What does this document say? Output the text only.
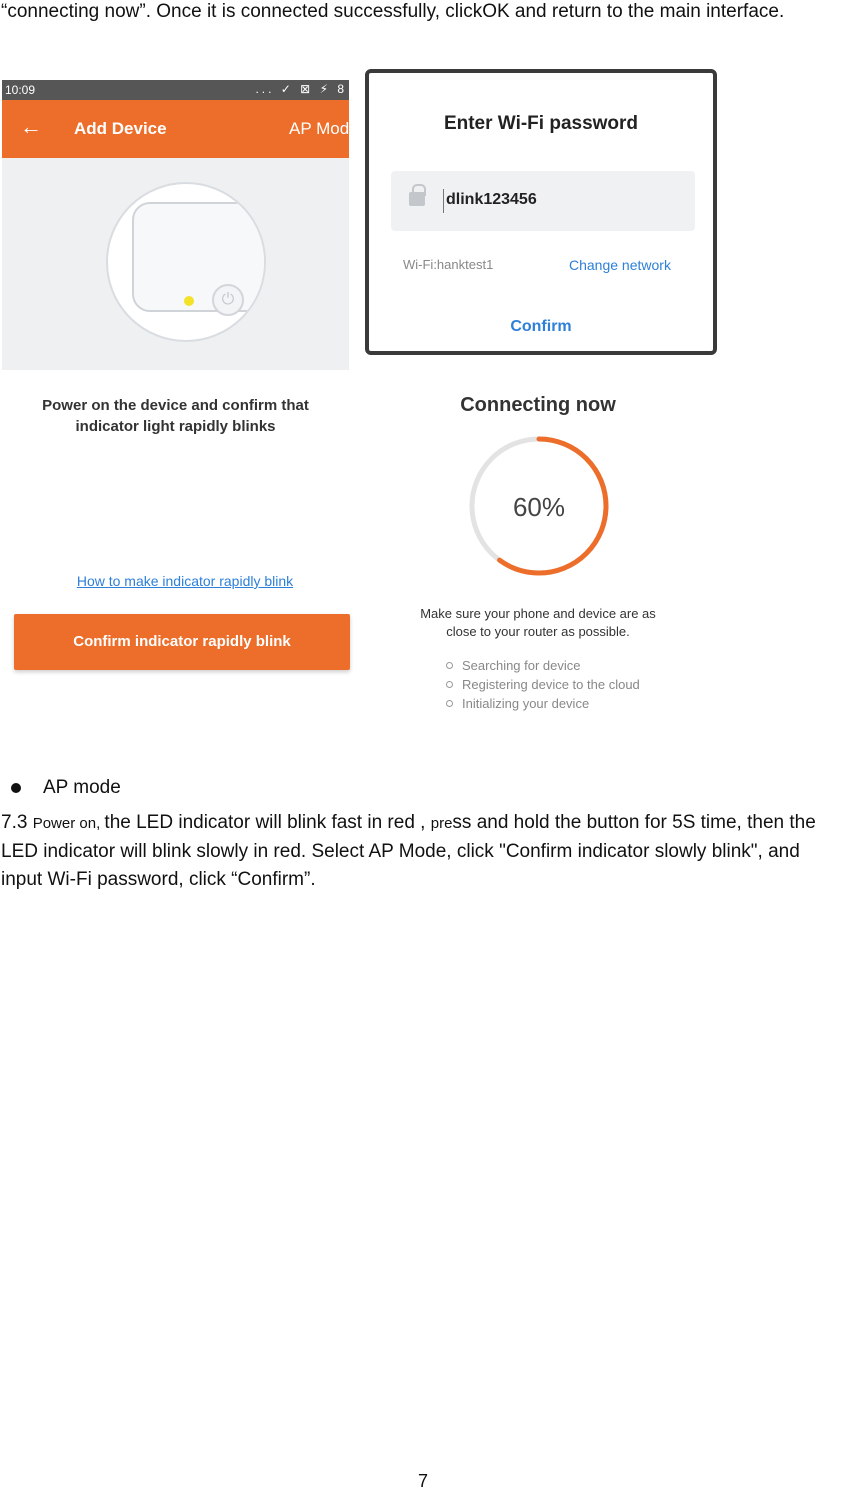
“connecting now”. Once it is connected successfully, clickOK and return to the main interface.

10:09	... ✓ ⊠ ⚡ 8
← Add Device	AP Mod
⏻
Power on the device and confirm that indicator light rapidly blinks
How to make indicator rapidly blink
Confirm indicator rapidly blink
Enter Wi-Fi password
dlink123456
Wi-Fi:hanktest1	Change network
Confirm
Connecting now
60%
Make sure your phone and device are as close to your router as possible.
Searching for device
Registering device to the cloud
Initializing your device
AP mode

7.3 Power on, the LED indicator will blink fast in red , press and hold the button for 5S time, then the LED indicator will blink slowly in red. Select AP Mode, click "Confirm indicator slowly blink", and input Wi-Fi password, click “Confirm”.

7
